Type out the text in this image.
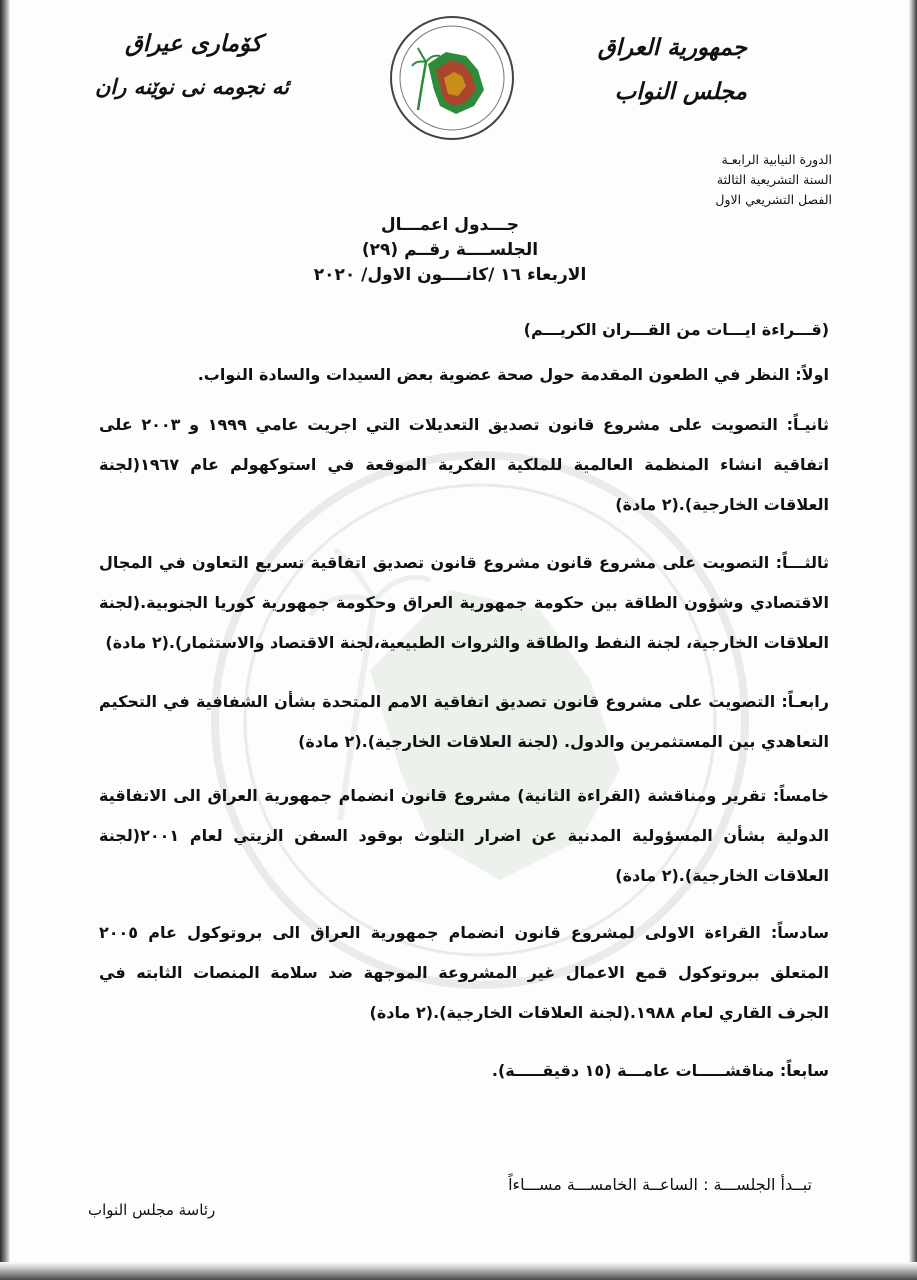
جمهورية العراق
مجلس النواب
كۆمارى عیراق
ئه نجومه نى نوێنه ران
الدورة النيابية الرابعـة
السنة التشريعية الثالثة
الفصل التشريعي الاول
جـــدول اعمـــال
الجلســــة رقــم (٢٩)
الاربعاء ١٦ /كانــــون الاول/ ٢٠٢٠
(قـــراءة ايـــات من القـــران الكريـــم)
اولاً: النظر في الطعون المقدمة حول صحة عضوية بعض السيدات والسادة النواب.
ثانيـاً: التصويت على مشروع قانون تصديق التعديلات التي اجريت عامي ١٩٩٩ و ٢٠٠٣ على اتفاقية انشاء المنظمة العالمية للملكية الفكرية الموقعة في استوكهولم عام ١٩٦٧(لجنة العلاقات الخارجية).(٢ مادة)
ثالثـــاً: التصويت على مشروع قانون مشروع قانون تصديق اتفاقية تسريع التعاون في المجال الاقتصادي وشؤون الطاقة بين حكومة جمهورية العراق وحكومة جمهورية كوريا الجنوبية.(لجنة العلاقات الخارجية، لجنة النفط والطاقة والثروات الطبيعية،لجنة الاقتصاد والاستثمار).(٢ مادة)
رابعـاً: التصويت على مشروع قانون تصديق اتفاقية الامم المتحدة بشأن الشفافية في التحكيم التعاهدي بين المستثمرين والدول. (لجنة العلاقات الخارجية).(٢ مادة)
خامساً: تقرير ومناقشة (القراءة الثانية) مشروع قانون انضمام جمهورية العراق الى الاتفاقية الدولية بشأن المسؤولية المدنية عن اضرار التلوث بوقود السفن الزيتي لعام ٢٠٠١(لجنة العلاقات الخارجية).(٢ مادة)
سادساً: القراءة الاولى لمشروع قانون انضمام جمهورية العراق الى بروتوكول عام ٢٠٠٥ المتعلق ببروتوكول قمع الاعمال غير المشروعة الموجهة ضد سلامة المنصات الثابته في الجرف القاري لعام ١٩٨٨.(لجنة العلاقات الخارجية).(٢ مادة)
سابعاً: مناقشـــــات عامـــة (١٥ دقيقـــــة).
تبــدأ الجلســـة : الساعــة الخامســـة مســـاءاً
رئاسة مجلس النواب
